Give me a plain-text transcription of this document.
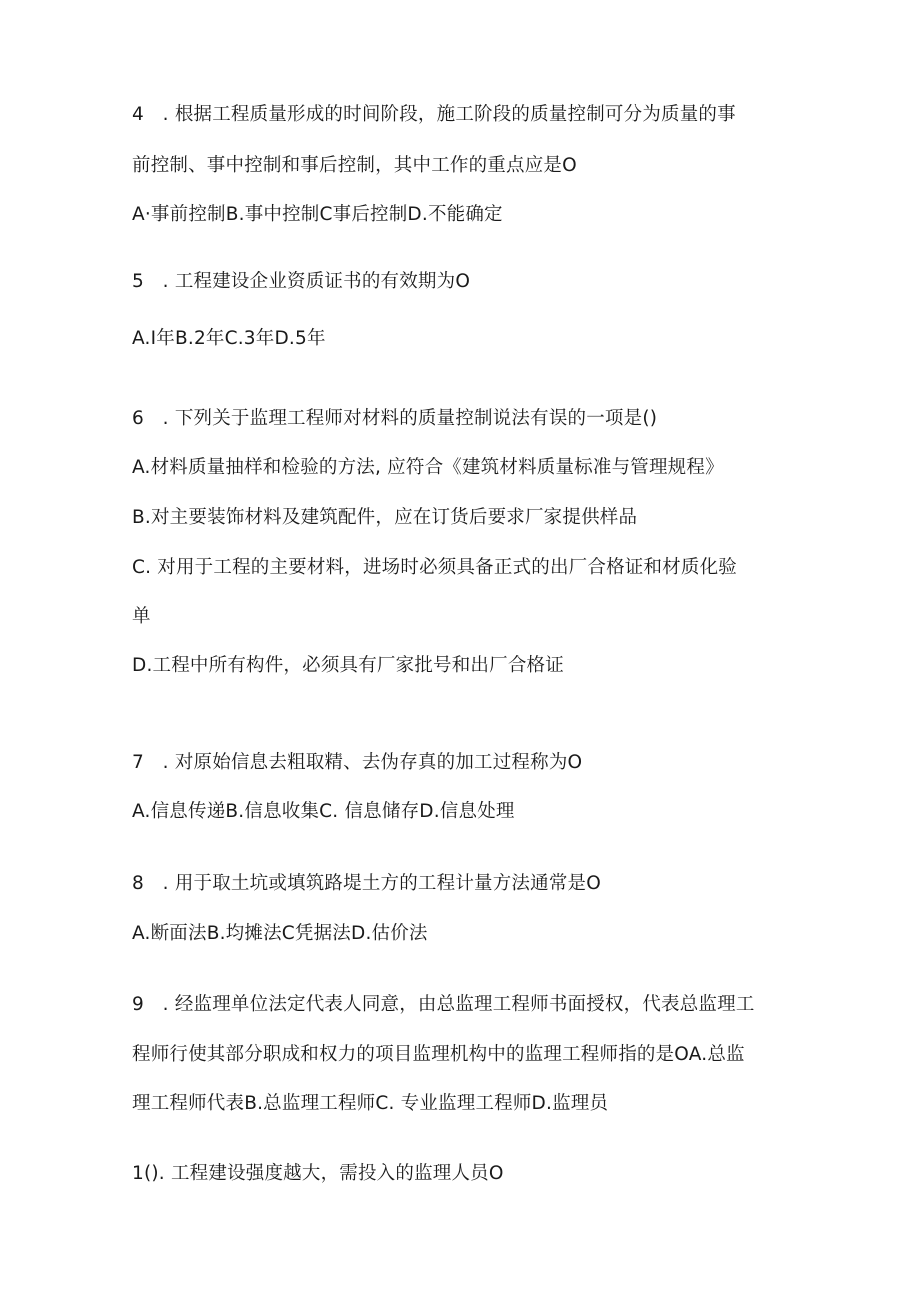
4　. 根据工程质量形成的时间阶段，施工阶段的质量控制可分为质量的事
前控制、事中控制和事后控制，其中工作的重点应是O
A·事前控制B.事中控制C事后控制D.不能确定
5　. 工程建设企业资质证书的有效期为O
A.I年B.2年C.3年D.5年
6　. 下列关于监理工程师对材料的质量控制说法有误的一项是()
A.材料质量抽样和检验的方法, 应符合《建筑材料质量标准与管理规程》
B.对主要装饰材料及建筑配件，应在订货后要求厂家提供样品
C. 对用于工程的主要材料，进场时必须具备正式的出厂合格证和材质化验
单
D.工程中所有构件，必须具有厂家批号和出厂合格证
7　. 对原始信息去粗取精、去伪存真的加工过程称为O
A.信息传递B.信息收集C. 信息储存D.信息处理
8　. 用于取土坑或填筑路堤土方的工程计量方法通常是O
A.断面法B.均摊法C凭据法D.估价法
9　. 经监理单位法定代表人同意，由总监理工程师书面授权，代表总监理工
程师行使其部分职成和权力的项目监理机构中的监理工程师指的是OA.总监
理工程师代表B.总监理工程师C. 专业监理工程师D.监理员
1(). 工程建设强度越大，需投入的监理人员O
